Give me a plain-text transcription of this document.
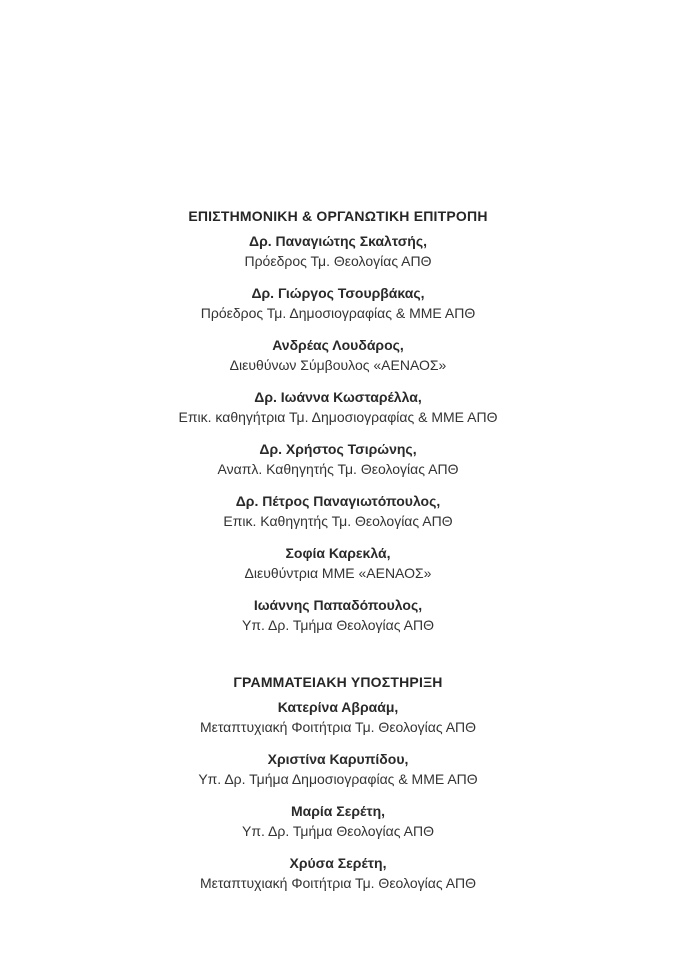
ΕΠΙΣΤΗΜΟΝΙΚΗ & ΟΡΓΑΝΩΤΙΚΗ ΕΠΙΤΡΟΠΗ
Δρ. Παναγιώτης Σκαλτσής,
Πρόεδρος Τμ. Θεολογίας ΑΠΘ
Δρ. Γιώργος Τσουρβάκας,
Πρόεδρος Τμ. Δημοσιογραφίας & ΜΜΕ ΑΠΘ
Ανδρέας Λουδάρος,
Διευθύνων Σύμβουλος «ΑΕΝΑΟΣ»
Δρ. Ιωάννα Κωσταρέλλα,
Επικ. καθηγήτρια Τμ. Δημοσιογραφίας & ΜΜΕ ΑΠΘ
Δρ. Χρήστος Τσιρώνης,
Αναπλ. Καθηγητής Τμ. Θεολογίας ΑΠΘ
Δρ. Πέτρος Παναγιωτόπουλος,
Επικ. Καθηγητής Τμ. Θεολογίας ΑΠΘ
Σοφία Καρεκλά,
Διευθύντρια ΜΜΕ «ΑΕΝΑΟΣ»
Ιωάννης Παπαδόπουλος,
Υπ. Δρ. Τμήμα Θεολογίας ΑΠΘ
ΓΡΑΜΜΑΤΕΙΑΚΗ ΥΠΟΣΤΗΡΙΞΗ
Κατερίνα Αβραάμ,
Μεταπτυχιακή Φοιτήτρια Τμ. Θεολογίας ΑΠΘ
Χριστίνα Καρυπίδου,
Υπ. Δρ. Τμήμα Δημοσιογραφίας & ΜΜΕ ΑΠΘ
Μαρία Σερέτη,
Υπ. Δρ. Τμήμα Θεολογίας ΑΠΘ
Χρύσα Σερέτη,
Μεταπτυχιακή Φοιτήτρια Τμ. Θεολογίας ΑΠΘ
